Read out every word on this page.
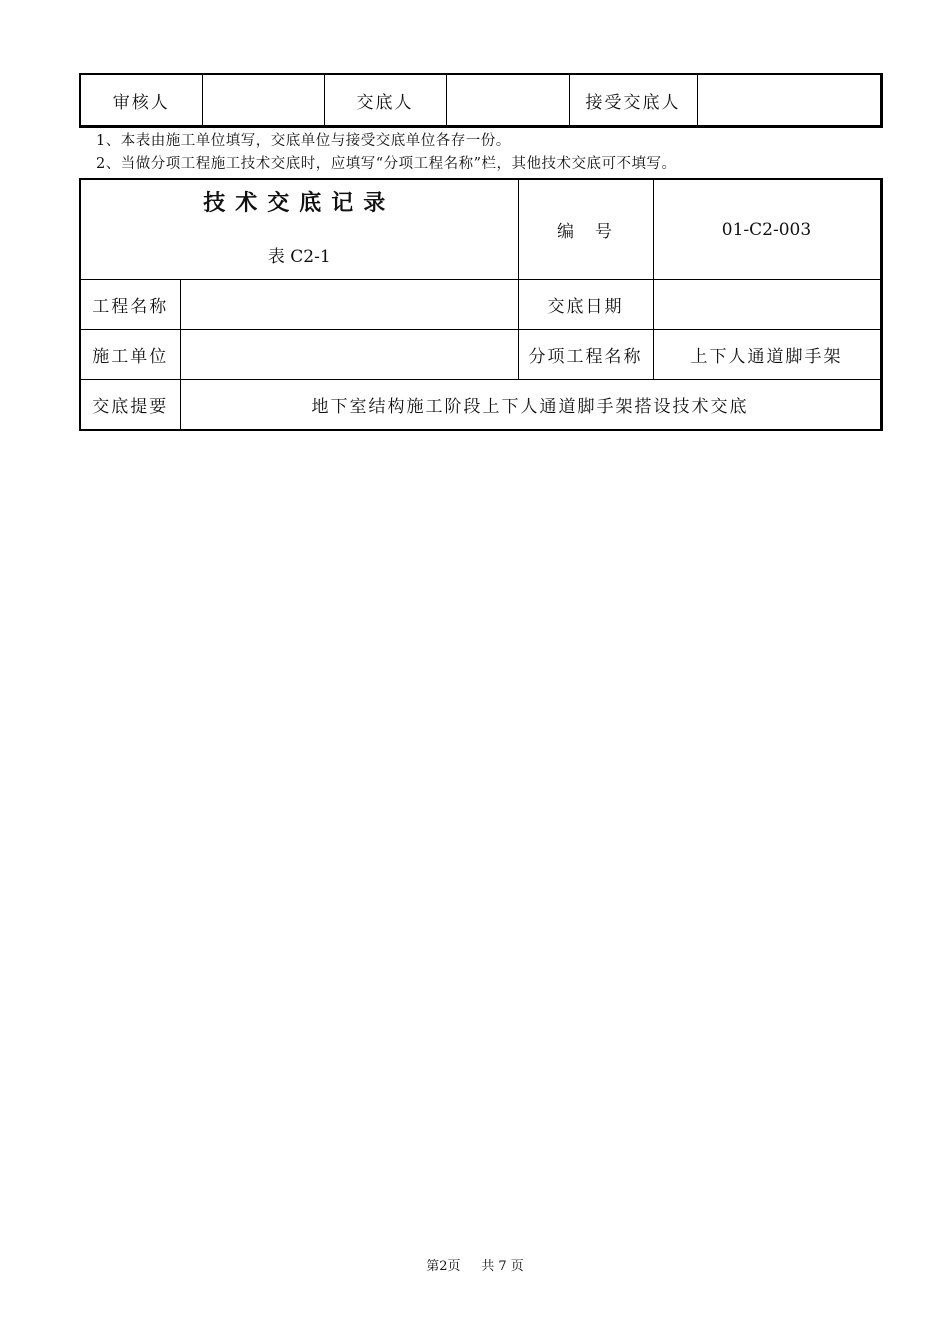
审核人		交底人		接受交底人	
1、本表由施工单位填写，交底单位与接受交底单位各存一份。
2、当做分项工程施工技术交底时，应填写“分项工程名称”栏，其他技术交底可不填写。
技术交底记录
表 C2-1		编　号	01-C2-003
工程名称		交底日期	
施工单位		分项工程名称	上下人通道脚手架
交底提要	地下室结构施工阶段上下人通道脚手架搭设技术交底		
第2页 共 7 页
